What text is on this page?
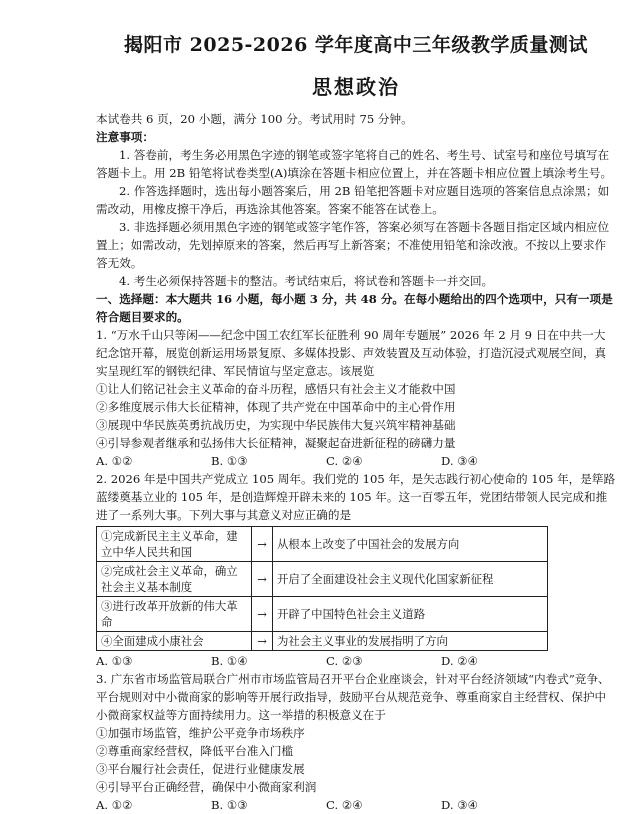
揭阳市 2025-2026 学年度高中三年级教学质量测试
思想政治
本试卷共 6 页，20 小题，满分 100 分。考试用时 75 分钟。
注意事项：
1. 答卷前，考生务必用黑色字迹的钢笔或签字笔将自己的姓名、考生号、试室号和座位号填写在答题卡上。用 2B 铅笔将试卷类型(A)填涂在答题卡相应位置上，并在答题卡相应位置上填涂考生号。
2. 作答选择题时，选出每小题答案后，用 2B 铅笔把答题卡对应题目选项的答案信息点涂黑；如需改动，用橡皮擦干净后，再选涂其他答案。答案不能答在试卷上。
3. 非选择题必须用黑色字迹的钢笔或签字笔作答，答案必须写在答题卡各题目指定区域内相应位置上；如需改动，先划掉原来的答案，然后再写上新答案；不准使用铅笔和涂改液。不按以上要求作答无效。
4. 考生必须保持答题卡的整洁。考试结束后，将试卷和答题卡一并交回。
一、选择题：本大题共 16 小题，每小题 3 分，共 48 分。在每小题给出的四个选项中，只有一项是符合题目要求的。
1. “万水千山只等闲——纪念中国工农红军长征胜利 90 周年专题展” 2026 年 2 月 9 日在中共一大纪念馆开幕，展览创新运用场景复原、多媒体投影、声效装置及互动体验，打造沉浸式观展空间，真实呈现红军的钢铁纪律、军民情谊与坚定意志。该展览
①让人们铭记社会主义革命的奋斗历程，感悟只有社会主义才能救中国
②多维度展示伟大长征精神，体现了共产党在中国革命中的主心骨作用
③展现中华民族英勇抗战历史，为实现中华民族伟大复兴筑牢精神基础
④引导参观者继承和弘扬伟大长征精神，凝聚起奋进新征程的磅礴力量
A. ①②	B. ①③	C. ②④	D. ③④
2. 2026 年是中国共产党成立 105 周年。我们党的 105 年，是矢志践行初心使命的 105 年，是筚路蓝缕奠基立业的 105 年，是创造辉煌开辟未来的 105 年。这一百零五年，党团结带领人民完成和推进了一系列大事。下列大事与其意义对应正确的是
①完成新民主主义革命，建立中华人民共和国	→	从根本上改变了中国社会的发展方向
②完成社会主义革命，确立社会主义基本制度	→	开启了全面建设社会主义现代化国家新征程
③进行改革开放新的伟大革命	→	开辟了中国特色社会主义道路
④全面建成小康社会	→	为社会主义事业的发展指明了方向
A. ①③	B. ①④	C. ②③	D. ②④
3. 广东省市场监管局联合广州市市场监管局召开平台企业座谈会，针对平台经济领域“内卷式”竞争、平台规则对中小微商家的影响等开展行政指导，鼓励平台从规范竞争、尊重商家自主经营权、保护中小微商家权益等方面持续用力。这一举措的积极意义在于
①加强市场监管，维护公平竞争市场秩序
②尊重商家经营权，降低平台准入门槛
③平台履行社会责任，促进行业健康发展
④引导平台正确经营，确保中小微商家利润
A. ①②	B. ①③	C. ②④	D. ③④
